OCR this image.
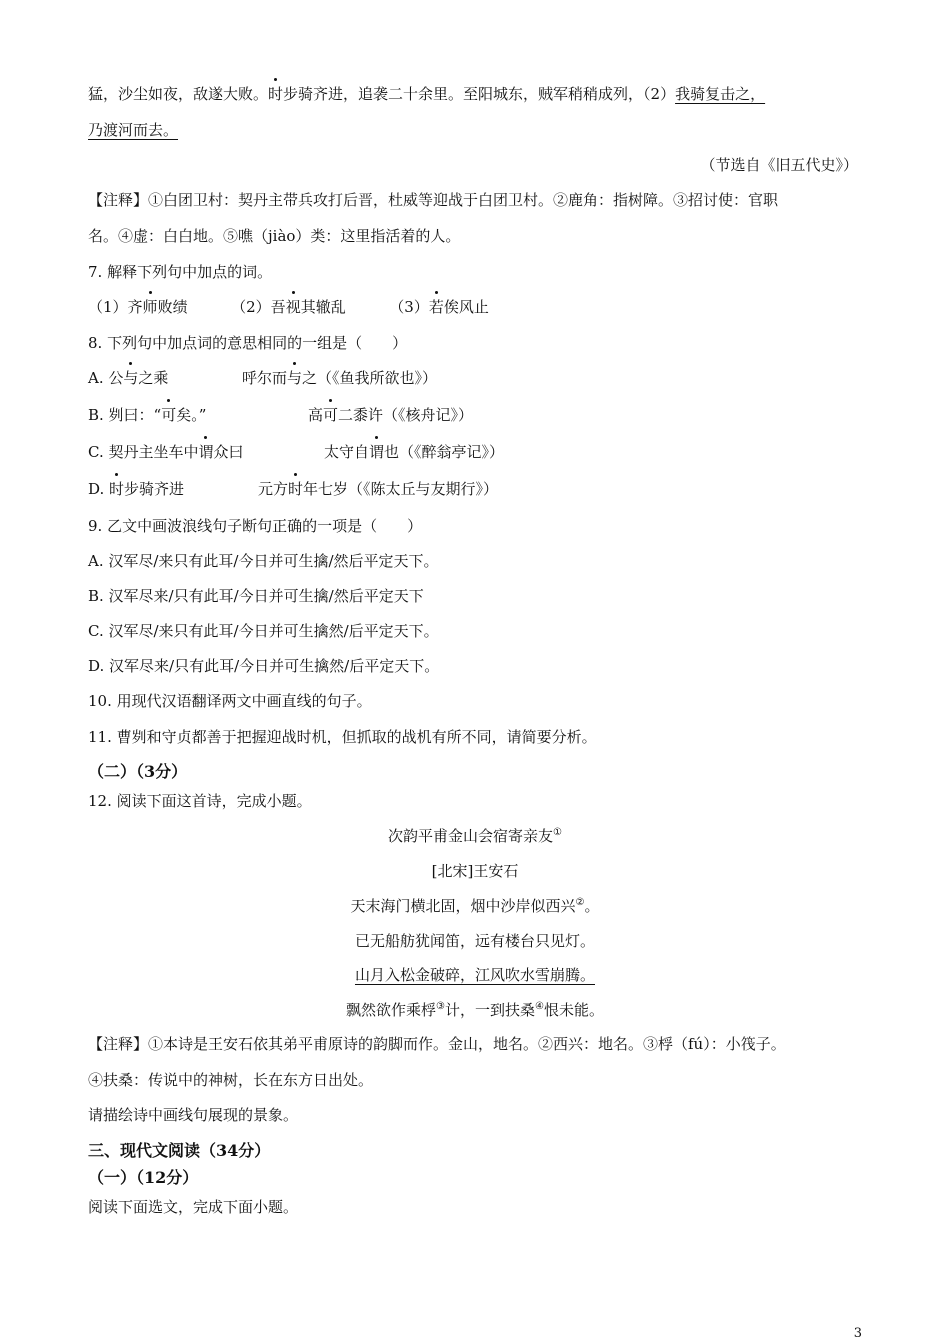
猛，沙尘如夜，敌遂大败。时步骑齐进，追袭二十余里。至阳城东，贼军稍稍成列，（2）我骑复击之，
乃渡河而去。
（节选自《旧五代史》）
【注释】①白团卫村：契丹主带兵攻打后晋，杜威等迎战于白团卫村。②鹿角：指树障。③招讨使：官职
名。④虚：白白地。⑤噍（jiào）类：这里指活着的人。
7. 解释下列句中加点的词。
（1）齐师败绩	（2）吾视其辙乱	（3）若俟风止
8. 下列句中加点词的意思相同的一组是（　　）
A. 公与之乘	呼尔而与之（《鱼我所欲也》）
B. 刿曰：“可矣。”	高可二黍许（《核舟记》）
C. 契丹主坐车中谓众曰	太守自谓也（《醉翁亭记》）
D. 时步骑齐进	元方时年七岁（《陈太丘与友期行》）
9. 乙文中画波浪线句子断句正确的一项是（　　）
A. 汉军尽/来只有此耳/今日并可生擒/然后平定天下。
B. 汉军尽来/只有此耳/今日并可生擒/然后平定天下
C. 汉军尽/来只有此耳/今日并可生擒然/后平定天下。
D. 汉军尽来/只有此耳/今日并可生擒然/后平定天下。
10. 用现代汉语翻译两文中画直线的句子。
11. 曹刿和守贞都善于把握迎战时机，但抓取的战机有所不同，请简要分析。
（二）（3分）
12. 阅读下面这首诗，完成小题。
次韵平甫金山会宿寄亲友①
[北宋]王安石
天末海门横北固，烟中沙岸似西兴②。
已无船舫犹闻笛，远有楼台只见灯。
山月入松金破碎，江风吹水雪崩腾。
飘然欲作乘桴③计，一到扶桑④恨未能。
【注释】①本诗是王安石依其弟平甫原诗的韵脚而作。金山，地名。②西兴：地名。③桴（fú）：小筏子。
④扶桑：传说中的神树，长在东方日出处。
请描绘诗中画线句展现的景象。
三、现代文阅读（34分）
（一）（12分）
阅读下面选文，完成下面小题。
3
